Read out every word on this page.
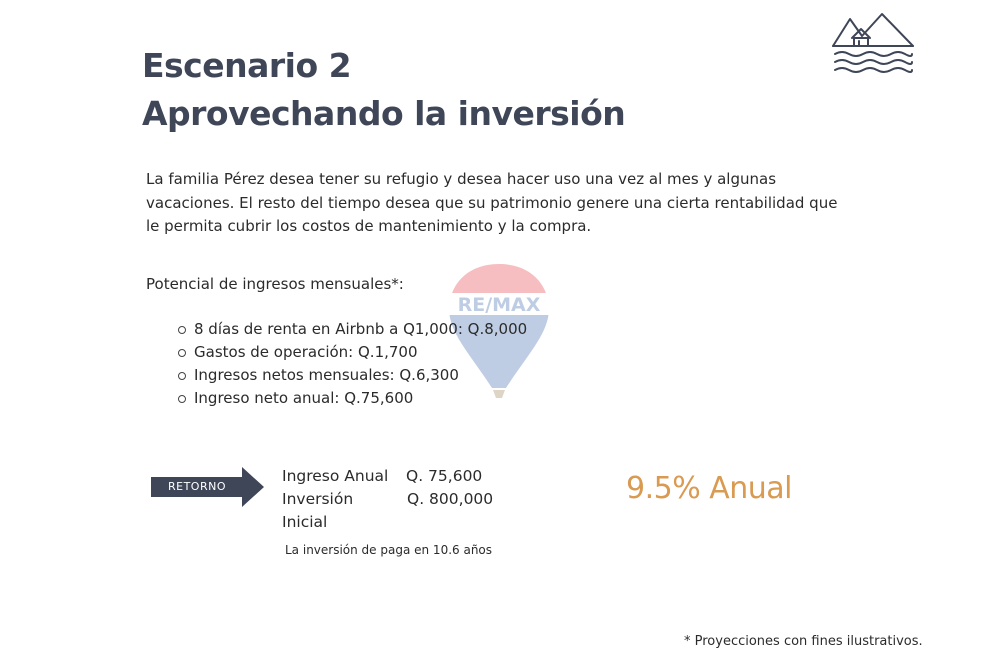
Escenario 2
Aprovechando la inversión
RE/MAX

La familia Pérez desea tener su refugio y desea hacer uso una vez al mes y algunas vacaciones. El resto del tiempo desea que su patrimonio genere una cierta rentabilidad que le permita cubrir los costos de mantenimiento y la compra.

Potencial de ingresos mensuales*:

8 días de renta en Airbnb a Q1,000: Q.8,000
Gastos de operación: Q.1,700
Ingresos netos mensuales: Q.6,300
Ingreso neto anual: Q.75,600
RETORNO
Ingreso Anual	Q. 75,600
Inversión Inicial
Q. 800,000	9.5% Anual
La inversión de paga en 10.6 años
* Proyecciones con fines ilustrativos.
